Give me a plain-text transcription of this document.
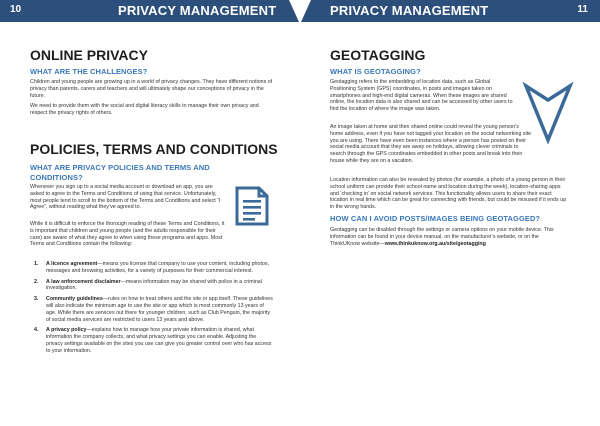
10	PRIVACY MANAGEMENT	PRIVACY MANAGEMENT	11
ONLINE PRIVACY
WHAT ARE THE CHALLENGES?

Children and young people are growing up in a world of privacy changes. They have different notions of privacy than parents, carers and teachers and will ultimately shape our conceptions of privacy in the future.

We need to provide them with the social and digital literacy skills to manage their own privacy and respect the privacy rights of others.

POLICIES, TERMS AND CONDITIONS
WHAT ARE PRIVACY POLICIES AND TERMS AND CONDITIONS?

Whenever you sign up to a social media account or download an app, you are asked to agree to the Terms and Conditions of using that service. Unfortunately, most people tend to scroll to the bottom of the Terms and Conditions and select “I Agree”, without reading what they’ve agreed to.

While it is difficult to enforce the thorough reading of these Terms and Conditions, it is important that children and young people (and the adults responsible for their care) are aware of what they agree to when using these programs and apps. Most Terms and Conditions contain the following:

1. A licence agreement—means you license that company to use your content, including photos, messages and browsing activities, for a variety of purposes for their commercial interest.
2. A law enforcement disclaimer—means information may be shared with police in a criminal investigation.
3. Community guidelines—rules on how to treat others and the site or app itself. These guidelines will also indicate the minimum age to use the site or app which is most commonly 13 years of age. While there are services out there for younger children, such as Club Penguin, the majority of social media services are restricted to users 13 years and above.
4. A privacy policy—explains how to manage how your private information is shared, what information the company collects, and what privacy settings you can enable. Adjusting the privacy settings available on the sites you use can give you greater control over who has access to your information.
GEOTAGGING
WHAT IS GEOTAGGING?

Geotagging refers to the embedding of location data, such as Global Positioning System (GPS) coordinates, in posts and images taken on smartphones and high-end digital cameras. When these images are shared online, the location data is also shared and can be accessed by other users to find the location of where the image was taken.

An image taken at home and then shared online could reveal the young person’s home address, even if you have not tagged your location on the social networking site you are using. There have even been instances where a person has posted on their social media account that they are away on holidays, allowing clever criminals to search through the GPS coordinates embedded in other posts and break into their house while they are on a vacation.

Location information can also be revealed by photos (for example, a photo of a young person in their school uniform can provide their school name and location during the week), location-sharing apps and ‘checking in’ on social network services. This functionality allows users to share their exact location in real time which can be great for connecting with friends, but could be misused if it ends up in the wrong hands.

HOW CAN I AVOID POSTS/IMAGES BEING GEOTAGGED?

Geotagging can be disabled through the settings or camera options on your mobile device. This information can be found in your device manual, on the manufacturer’s website, or on the ThinkUKnow website—www.thinkuknow.org.au/site/geotagging
